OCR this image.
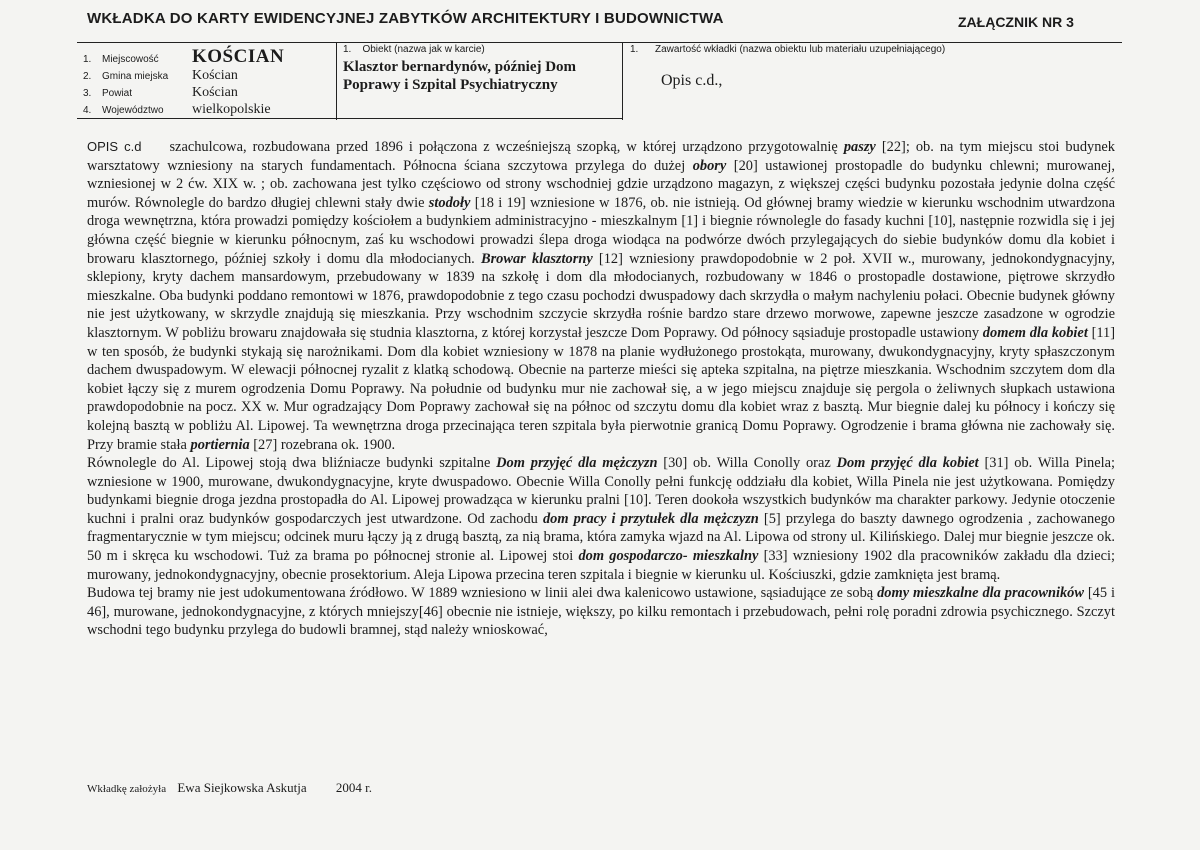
WKŁADKA DO KARTY EWIDENCYJNEJ ZABYTKÓW ARCHITEKTURY I BUDOWNICTWA	ZAŁĄCZNIK NR 3
1.	Miejscowość	KOŚCIAN
2.	Gmina miejska	Kościan
3.	Powiat	Kościan
4.	Województwo	wielkopolskie
1.    Obiekt (nazwa jak w karcie)
Klasztor bernardynów, później Dom Poprawy i Szpital Psychiatryczny
1.      Zawartość wkładki (nazwa obiektu lub materiału uzupełniającego)
Opis c.d.,

OPIS c.d szachulcowa, rozbudowana przed 1896 i połączona z wcześniejszą szopką, w której urządzono przygotowalnię paszy [22]; ob. na tym miejscu stoi budynek warsztatowy wzniesiony na starych fundamentach. Północna ściana szczytowa przylega do dużej obory [20] ustawionej prostopadle do budynku chlewni; murowanej, wzniesionej w 2 ćw. XIX w. ; ob. zachowana jest tylko częściowo od strony wschodniej gdzie urządzono magazyn, z większej części budynku pozostała jedynie dolna część murów. Równolegle do bardzo długiej chlewni stały dwie stodoły [18 i 19] wzniesione w 1876, ob. nie istnieją. Od głównej bramy wiedzie w kierunku wschodnim utwardzona droga wewnętrzna, która prowadzi pomiędzy kościołem a budynkiem administracyjno - mieszkalnym [1] i biegnie równolegle do fasady kuchni [10], następnie rozwidla się i jej główna część biegnie w kierunku północnym, zaś ku wschodowi prowadzi ślepa droga wiodąca na podwórze dwóch przylegających do siebie budynków domu dla kobiet i browaru klasztornego, później szkoły i domu dla młodocianych. Browar klasztorny [12] wzniesiony prawdopodobnie w 2 poł. XVII w., murowany, jednokondygnacyjny, sklepiony, kryty dachem mansardowym, przebudowany w 1839 na szkołę i dom dla młodocianych, rozbudowany w 1846 o prostopadle dostawione, piętrowe skrzydło mieszkalne. Oba budynki poddano remontowi w 1876, prawdopodobnie z tego czasu pochodzi dwuspadowy dach skrzydła o małym nachyleniu połaci. Obecnie budynek główny nie jest użytkowany, w skrzydle znajdują się mieszkania. Przy wschodnim szczycie skrzydła rośnie bardzo stare drzewo morwowe, zapewne jeszcze zasadzone w ogrodzie klasztornym. W pobliżu browaru znajdowała się studnia klasztorna, z której korzystał jeszcze Dom Poprawy. Od północy sąsiaduje prostopadle ustawiony domem dla kobiet [11] w ten sposób, że budynki stykają się narożnikami. Dom dla kobiet wzniesiony w 1878 na planie wydłużonego prostokąta, murowany, dwukondygnacyjny, kryty spłaszczonym dachem dwuspadowym. W elewacji północnej ryzalit z klatką schodową. Obecnie na parterze mieści się apteka szpitalna, na piętrze mieszkania. Wschodnim szczytem dom dla kobiet łączy się z murem ogrodzenia Domu Poprawy. Na południe od budynku mur nie zachował się, a w jego miejscu znajduje się pergola o żeliwnych słupkach ustawiona prawdopodobnie na pocz. XX w. Mur ogradzający Dom Poprawy zachował się na północ od szczytu domu dla kobiet wraz z basztą. Mur biegnie dalej ku północy i kończy się kolejną basztą w pobliżu Al. Lipowej. Ta wewnętrzna droga przecinająca teren szpitala była pierwotnie granicą Domu Poprawy. Ogrodzenie i brama główna nie zachowały się. Przy bramie stała portiernia [27] rozebrana ok. 1900.

Równolegle do Al. Lipowej stoją dwa bliźniacze budynki szpitalne Dom przyjęć dla mężczyzn [30] ob. Willa Conolly oraz Dom przyjęć dla kobiet [31] ob. Willa Pinela; wzniesione w 1900, murowane, dwukondygnacyjne, kryte dwuspadowo. Obecnie Willa Conolly pełni funkcję oddziału dla kobiet, Willa Pinela nie jest użytkowana. Pomiędzy budynkami biegnie droga jezdna prostopadła do Al. Lipowej prowadząca w kierunku pralni [10]. Teren dookoła wszystkich budynków ma charakter parkowy. Jedynie otoczenie kuchni i pralni oraz budynków gospodarczych jest utwardzone. Od zachodu dom pracy i przytułek dla mężczyzn [5] przylega do baszty dawnego ogrodzenia , zachowanego fragmentarycznie w tym miejscu; odcinek muru łączy ją z drugą basztą, za nią brama, która zamyka wjazd na Al. Lipowa od strony ul. Kilińskiego. Dalej mur biegnie jeszcze ok. 50 m i skręca ku wschodowi. Tuż za brama po północnej stronie al. Lipowej stoi dom gospodarczo- mieszkalny [33] wzniesiony 1902 dla pracowników zakładu dla dzieci; murowany, jednokondygnacyjny, obecnie prosektorium. Aleja Lipowa przecina teren szpitala i biegnie w kierunku ul. Kościuszki, gdzie zamknięta jest bramą.

Budowa tej bramy nie jest udokumentowana źródłowo. W 1889 wzniesiono w linii alei dwa kalenicowo ustawione, sąsiadujące ze sobą domy mieszkalne dla pracowników [45 i 46], murowane, jednokondygnacyjne, z których mniejszy[46] obecnie nie istnieje, większy, po kilku remontach i przebudowach, pełni rolę poradni zdrowia psychicznego. Szczyt wschodni tego budynku przylega do budowli bramnej, stąd należy wnioskować,

Wkładkę założyła Ewa Siejkowska Askutja 2004 r.
